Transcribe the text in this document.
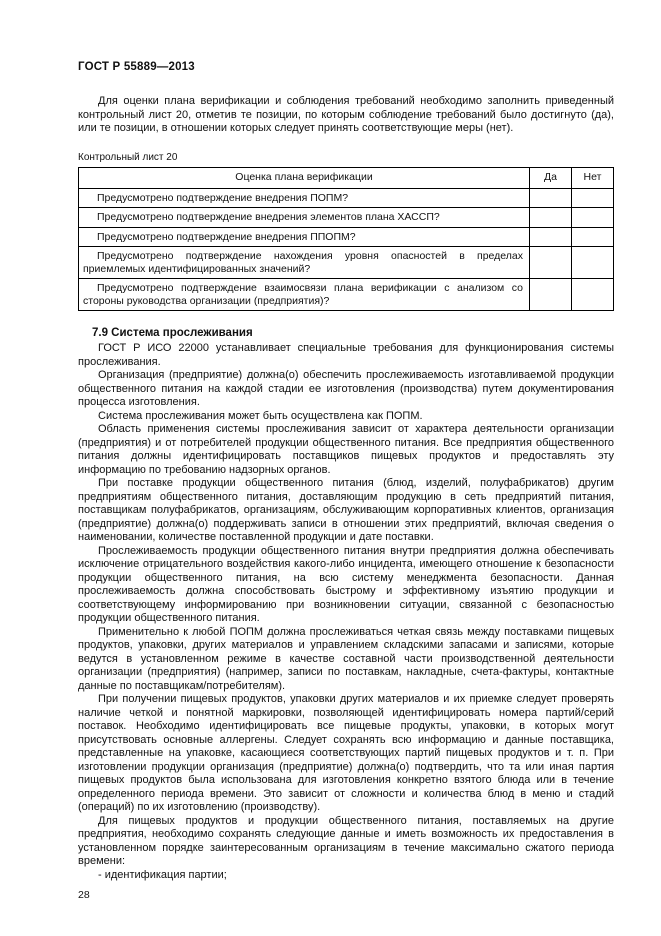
ГОСТ Р 55889—2013

Для оценки плана верификации и соблюдения требований необходимо заполнить приведенный контрольный лист 20, отметив те позиции, по которым соблюдение требований было достигнуто (да), или те позиции, в отношении которых следует принять соответствующие меры (нет).

Контрольный лист 20
Оценка плана верификации	Да	Нет
Предусмотрено подтверждение внедрения ПОПМ?		
Предусмотрено подтверждение внедрения элементов плана ХАССП?		
Предусмотрено подтверждение внедрения ППОПМ?		
Предусмотрено подтверждение нахождения уровня опасностей в пределах приемлемых идентифицированных значений?		
Предусмотрено подтверждение взаимосвязи плана верификации с анализом со стороны руководства организации (предприятия)?		
7.9 Система прослеживания

ГОСТ Р ИСО 22000 устанавливает специальные требования для функционирования системы прослеживания.

Организация (предприятие) должна(о) обеспечить прослеживаемость изготавливаемой продукции общественного питания на каждой стадии ее изготовления (производства) путем документирования процесса изготовления.

Система прослеживания может быть осуществлена как ПОПМ.

Область применения системы прослеживания зависит от характера деятельности организации (предприятия) и от потребителей продукции общественного питания. Все предприятия общественного питания должны идентифицировать поставщиков пищевых продуктов и предоставлять эту информацию по требованию надзорных органов.

При поставке продукции общественного питания (блюд, изделий, полуфабрикатов) другим предприятиям общественного питания, доставляющим продукцию в сеть предприятий питания, поставщикам полуфабрикатов, организациям, обслуживающим корпоративных клиентов, организация (предприятие) должна(о) поддерживать записи в отношении этих предприятий, включая сведения о наименовании, количестве поставленной продукции и дате поставки.

Прослеживаемость продукции общественного питания внутри предприятия должна обеспечивать исключение отрицательного воздействия какого-либо инцидента, имеющего отношение к безопасности продукции общественного питания, на всю систему менеджмента безопасности. Данная прослеживаемость должна способствовать быстрому и эффективному изъятию продукции и соответствующему информированию при возникновении ситуации, связанной с безопасностью продукции общественного питания.

Применительно к любой ПОПМ должна прослеживаться четкая связь между поставками пищевых продуктов, упаковки, других материалов и управлением складскими запасами и записями, которые ведутся в установленном режиме в качестве составной части производственной деятельности организации (предприятия) (например, записи по поставкам, накладные, счета-фактуры, контактные данные по поставщикам/потребителям).

При получении пищевых продуктов, упаковки других материалов и их приемке следует проверять наличие четкой и понятной маркировки, позволяющей идентифицировать номера партий/серий поставок. Необходимо идентифицировать все пищевые продукты, упаковки, в которых могут присутствовать основные аллергены. Следует сохранять всю информацию и данные поставщика, представленные на упаковке, касающиеся соответствующих партий пищевых продуктов и т. п. При изготовлении продукции организация (предприятие) должна(о) подтвердить, что та или иная партия пищевых продуктов была использована для изготовления конкретно взятого блюда или в течение определенного периода времени. Это зависит от сложности и количества блюд в меню и стадий (операций) по их изготовлению (производству).

Для пищевых продуктов и продукции общественного питания, поставляемых на другие предприятия, необходимо сохранять следующие данные и иметь возможность их предоставления в установленном порядке заинтересованным организациям в течение максимально сжатого периода времени:

- идентификация партии;

28
